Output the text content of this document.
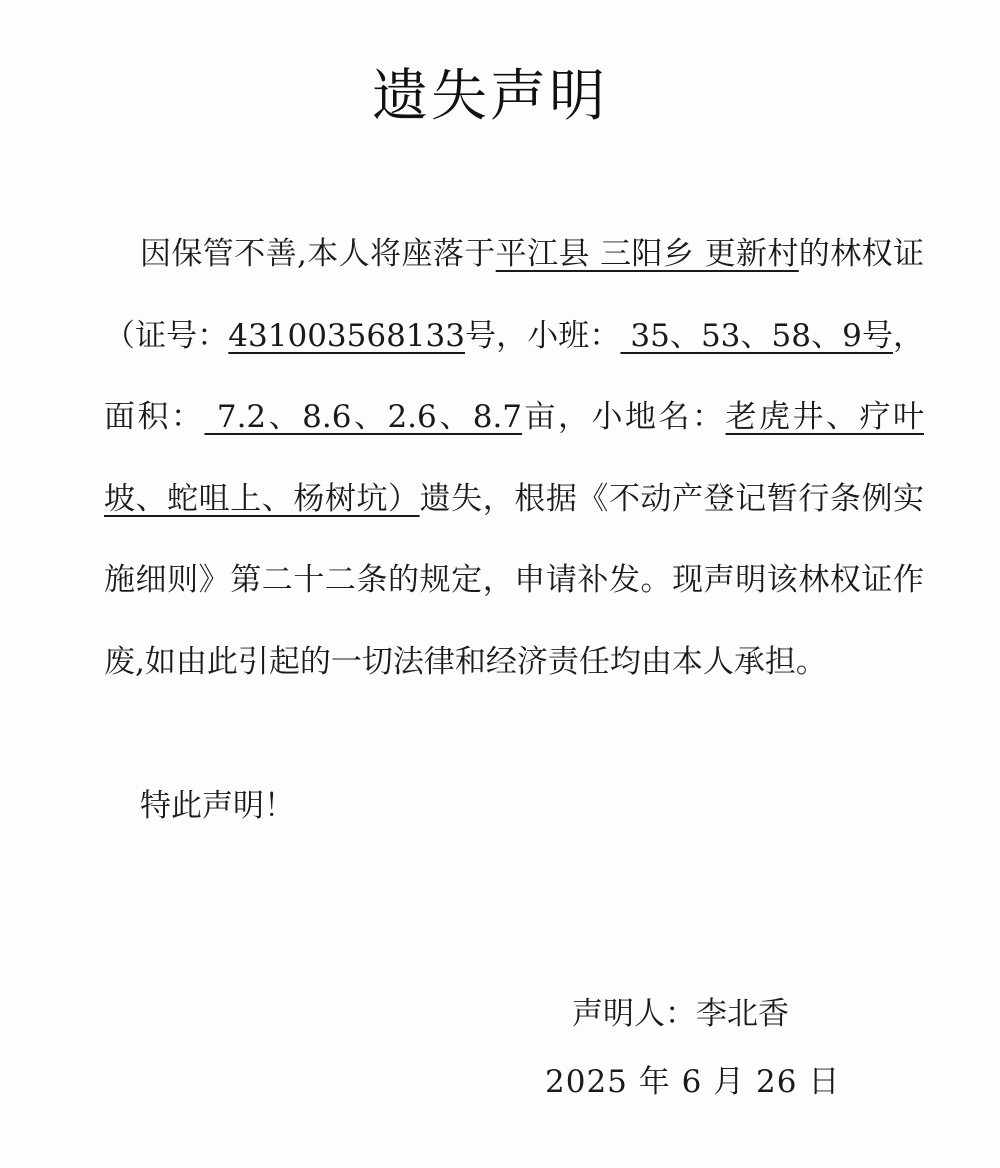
遗失声明

因保管不善,本人将座落于平江县 三阳乡 更新村的林权证（证号：431003568133号，小班： 35、53、58、9号，面积： 7.2、8.6、2.6、8.7亩，小地名：老虎井、疗叶坡、蛇咀上、杨树坑）遗失，根据《不动产登记暂行条例实施细则》第二十二条的规定，申请补发。现声明该林权证作废,如由此引起的一切法律和经济责任均由本人承担。

特此声明！
声明人：李北香
2025 年 6 月 26 日
